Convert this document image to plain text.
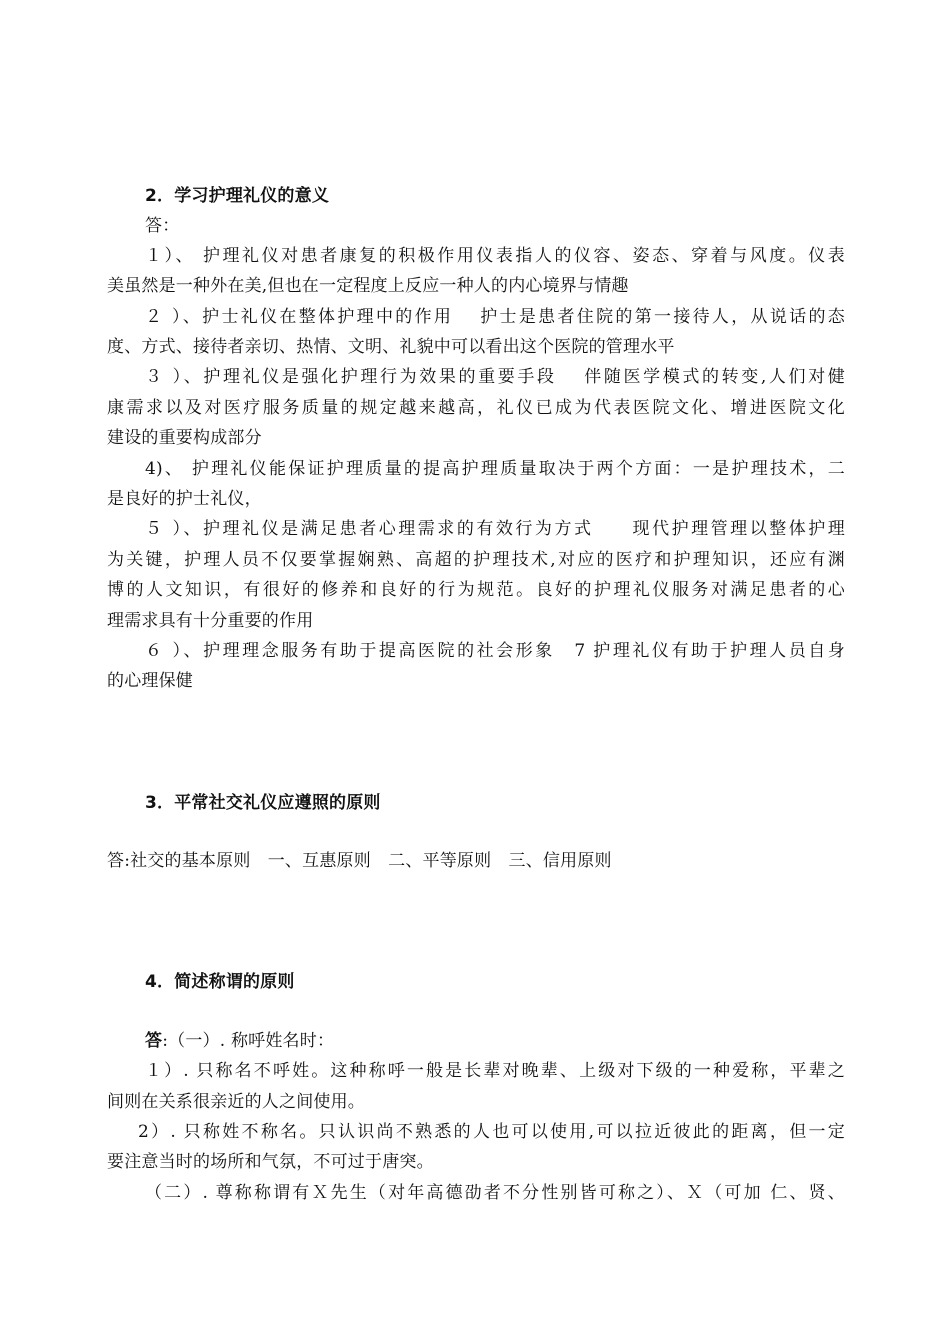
2．学习护理礼仪的意义
答：
１）、 护理礼仪对患者康复的积极作用仪表指人的仪容、姿态、穿着与风度。仪表
美虽然是一种外在美,但也在一定程度上反应一种人的内心境界与情趣
２ ）、护士礼仪在整体护理中的作用　 护士是患者住院的第一接待人，从说话的态
度、方式、接待者亲切、热情、文明、礼貌中可以看出这个医院的管理水平
３ ）、护理礼仪是强化护理行为效果的重要手段　 伴随医学模式的转变,人们对健
康需求以及对医疗服务质量的规定越来越高，礼仪已成为代表医院文化、增进医院文化
建设的重要构成部分
4)、 护理礼仪能保证护理质量的提高护理质量取决于两个方面：一是护理技术，二
是良好的护士礼仪，
５ ）、护理礼仪是满足患者心理需求的有效行为方式　　现代护理管理以整体护理
为关键，护理人员不仅要掌握娴熟、高超的护理技术,对应的医疗和护理知识，还应有渊
博的人文知识，有很好的修养和良好的行为规范。良好的护理礼仪服务对满足患者的心
理需求具有十分重要的作用
６ ）、护理理念服务有助于提高医院的社会形象　7 护理礼仪有助于护理人员自身
的心理保健
3．平常社交礼仪应遵照的原则
答:社交的基本原则　一、互惠原则　二、平等原则　三、信用原则
4．简述称谓的原则
答:（一）. 称呼姓名时：
１）. 只称名不呼姓。这种称呼一般是长辈对晚辈、上级对下级的一种爱称，平辈之
间则在关系很亲近的人之间使用。
2）. 只称姓不称名。只认识尚不熟悉的人也可以使用,可以拉近彼此的距离，但一定
要注意当时的场所和气氛，不可过于唐突。
（二）. 尊称称谓有Ｘ先生（对年高德劭者不分性别皆可称之）、Ｘ（可加 仁、贤、
